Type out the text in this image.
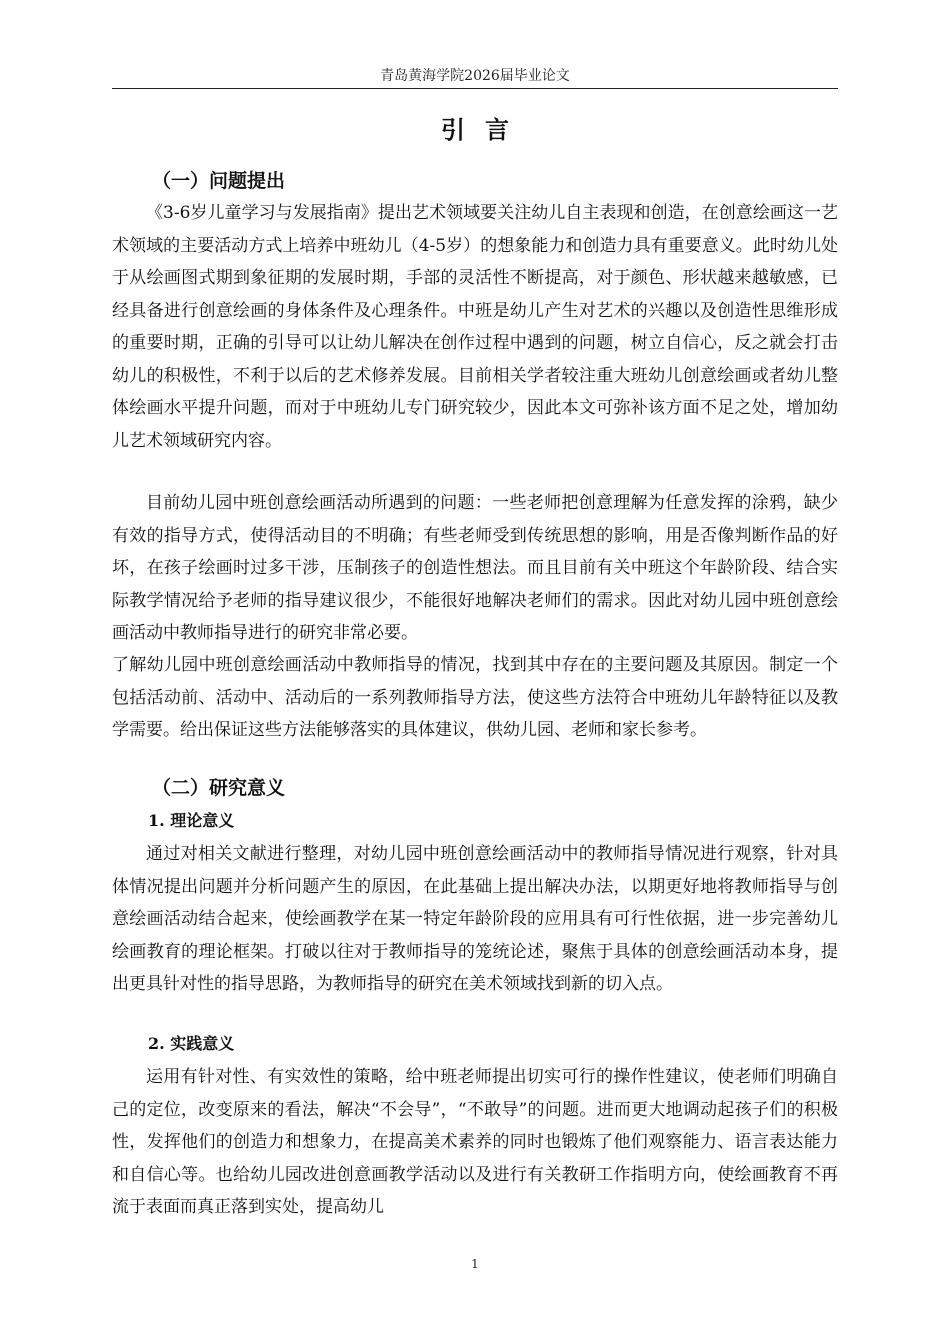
青岛黄海学院2026届毕业论文
引言
（一）问题提出
《3-6岁儿童学习与发展指南》提出艺术领域要关注幼儿自主表现和创造，在创意绘画这一艺术领域的主要活动方式上培养中班幼儿（4-5岁）的想象能力和创造力具有重要意义。此时幼儿处于从绘画图式期到象征期的发展时期，手部的灵活性不断提高，对于颜色、形状越来越敏感，已经具备进行创意绘画的身体条件及心理条件。中班是幼儿产生对艺术的兴趣以及创造性思维形成的重要时期，正确的引导可以让幼儿解决在创作过程中遇到的问题，树立自信心，反之就会打击幼儿的积极性，不利于以后的艺术修养发展。目前相关学者较注重大班幼儿创意绘画或者幼儿整体绘画水平提升问题，而对于中班幼儿专门研究较少，因此本文可弥补该方面不足之处，增加幼儿艺术领域研究内容。
目前幼儿园中班创意绘画活动所遇到的问题：一些老师把创意理解为任意发挥的涂鸦，缺少有效的指导方式，使得活动目的不明确；有些老师受到传统思想的影响，用是否像判断作品的好坏，在孩子绘画时过多干涉，压制孩子的创造性想法。而且目前有关中班这个年龄阶段、结合实际教学情况给予老师的指导建议很少，不能很好地解决老师们的需求。因此对幼儿园中班创意绘画活动中教师指导进行的研究非常必要。
了解幼儿园中班创意绘画活动中教师指导的情况，找到其中存在的主要问题及其原因。制定一个包括活动前、活动中、活动后的一系列教师指导方法，使这些方法符合中班幼儿年龄特征以及教学需要。给出保证这些方法能够落实的具体建议，供幼儿园、老师和家长参考。
（二）研究意义
1. 理论意义
通过对相关文献进行整理，对幼儿园中班创意绘画活动中的教师指导情况进行观察，针对具体情况提出问题并分析问题产生的原因，在此基础上提出解决办法，以期更好地将教师指导与创意绘画活动结合起来，使绘画教学在某一特定年龄阶段的应用具有可行性依据，进一步完善幼儿绘画教育的理论框架。打破以往对于教师指导的笼统论述，聚焦于具体的创意绘画活动本身，提出更具针对性的指导思路，为教师指导的研究在美术领域找到新的切入点。
2. 实践意义
运用有针对性、有实效性的策略，给中班老师提出切实可行的操作性建议，使老师们明确自己的定位，改变原来的看法，解决“不会导”，“不敢导”的问题。进而更大地调动起孩子们的积极性，发挥他们的创造力和想象力，在提高美术素养的同时也锻炼了他们观察能力、语言表达能力和自信心等。也给幼儿园改进创意画教学活动以及进行有关教研工作指明方向，使绘画教育不再流于表面而真正落到实处，提高幼儿
1
